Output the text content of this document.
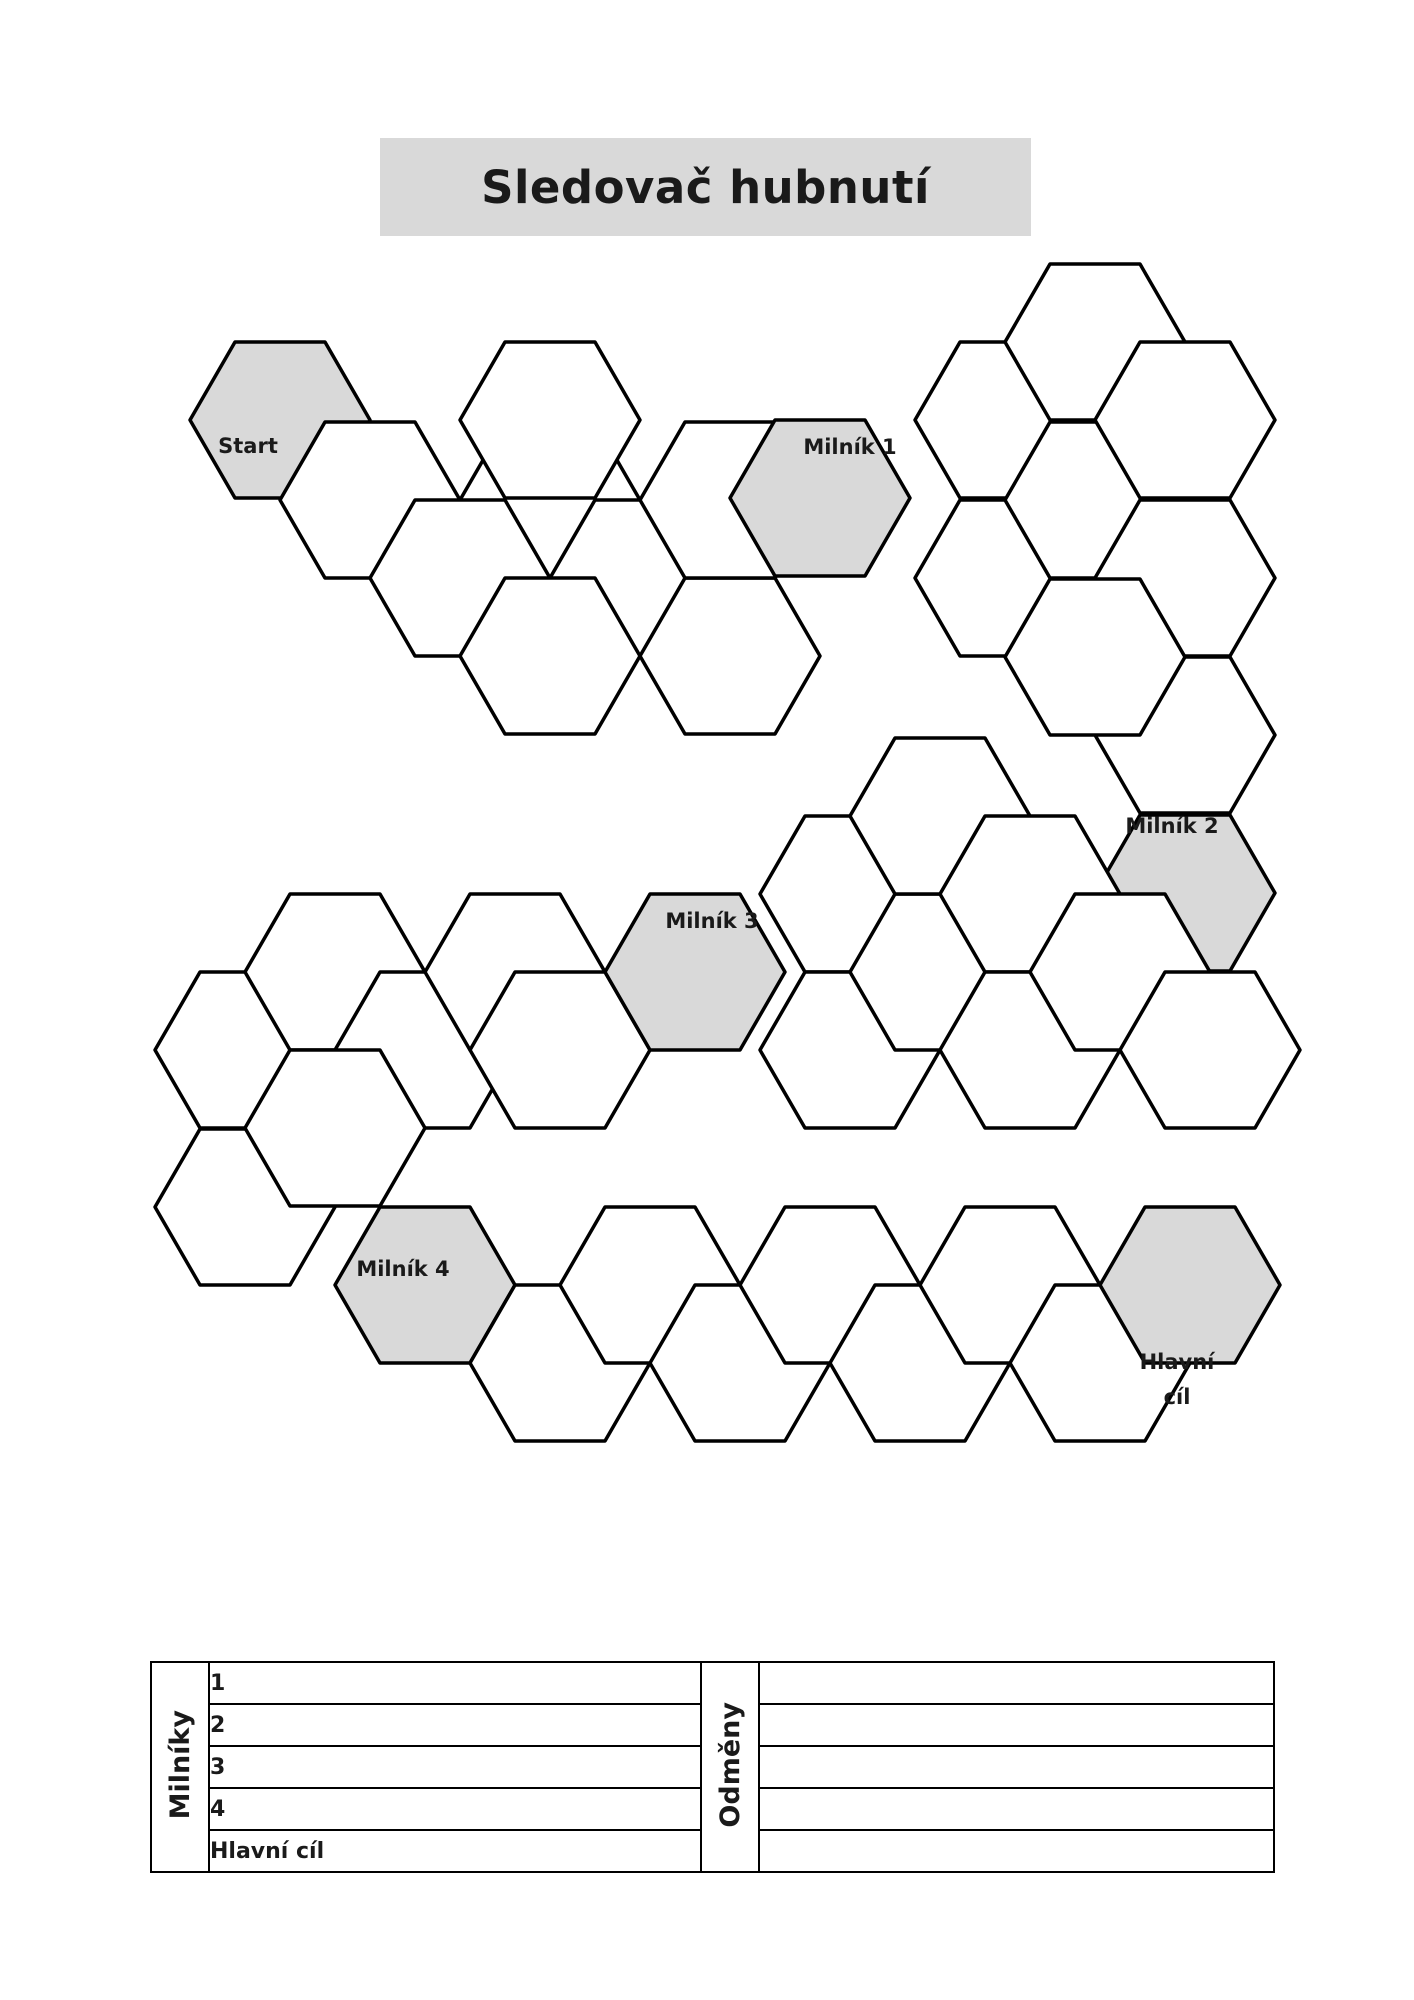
Sledovač hubnutí
Start	Milník 1
Milník 2
Milník 3
Milník 4
Hlavní
cíl
Milníky	1	Odměny	
	2		
	3		
	4		
	Hlavní cíl		
